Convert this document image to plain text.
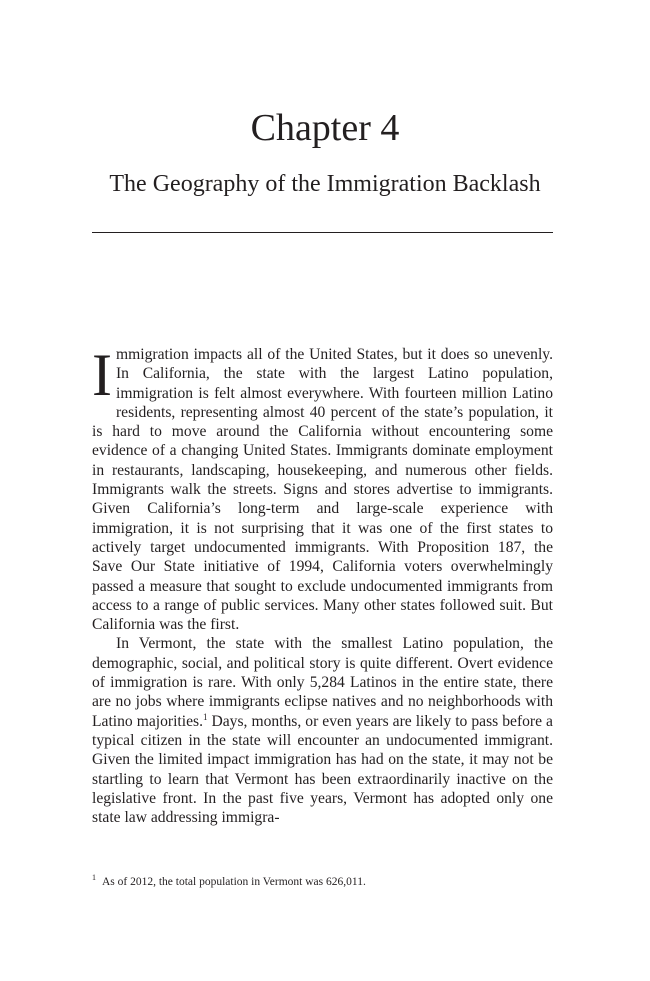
Chapter 4
The Geography of the Immigration Backlash

Immigration impacts all of the United States, but it does so unevenly. In California, the state with the largest Latino population, immigration is felt almost everywhere. With fourteen million Latino residents, representing almost 40 percent of the state’s population, it is hard to move around the California without encountering some evidence of a changing United States. Immigrants dominate employment in restaurants, landscaping, housekeeping, and numerous other fields. Immigrants walk the streets. Signs and stores advertise to immigrants. Given California’s long-term and large-scale experience with immigration, it is not surprising that it was one of the first states to actively target undocumented immigrants. With Proposition 187, the Save Our State initiative of 1994, California voters overwhelmingly passed a measure that sought to exclude undocumented immigrants from access to a range of public services. Many other states followed suit. But California was the first.

In Vermont, the state with the smallest Latino population, the demographic, social, and political story is quite different. Overt evidence of immigration is rare. With only 5,284 Latinos in the entire state, there are no jobs where immigrants eclipse natives and no neighborhoods with Latino majorities.$^1$ Days, months, or even years are likely to pass before a typical citizen in the state will encounter an undocumented immigrant. Given the limited impact immigration has had on the state, it may not be startling to learn that Vermont has been extraordinarily inactive on the legislative front. In the past five years, Vermont has adopted only one state law addressing immigra-

$^1$ As of 2012, the total population in Vermont was 626,011.
